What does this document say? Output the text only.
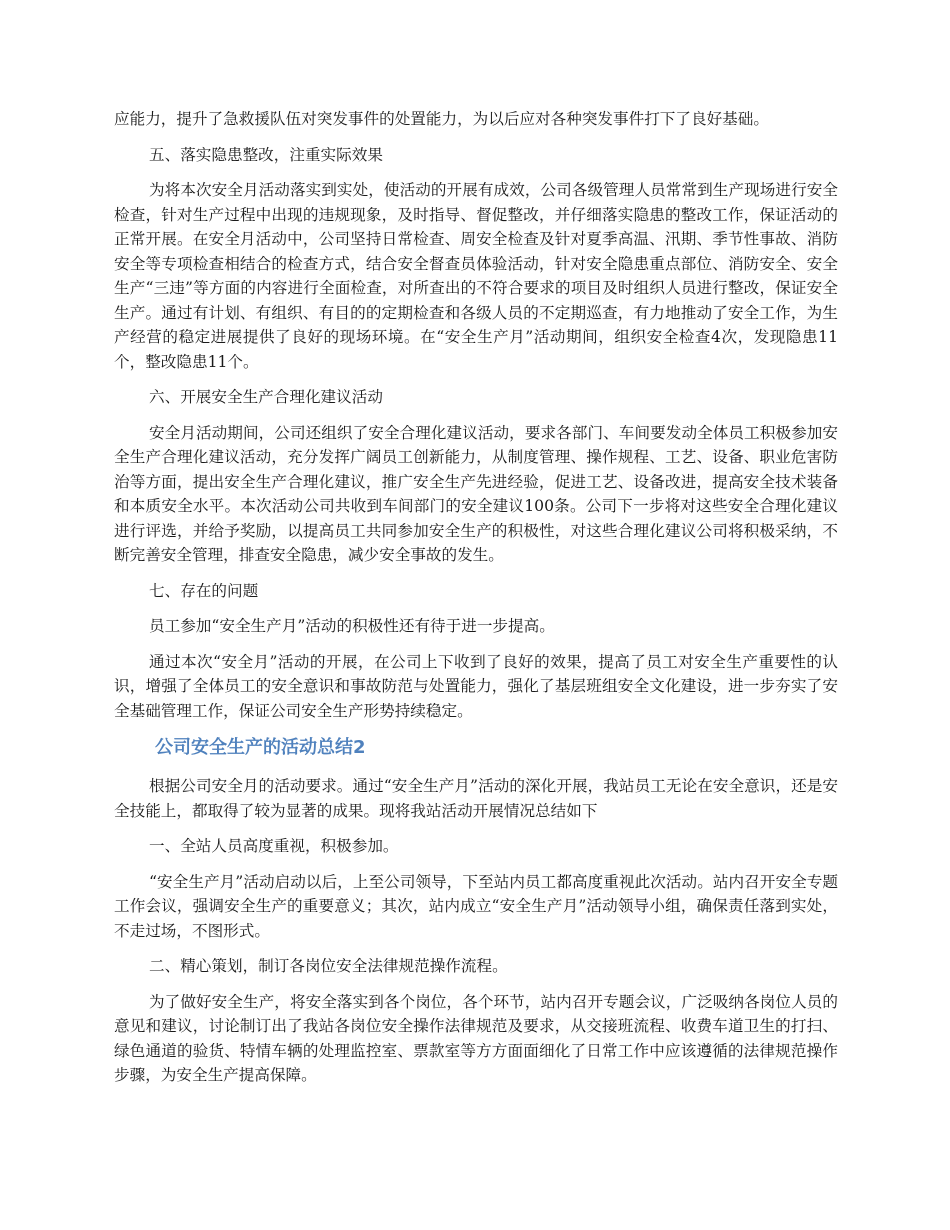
应能力，提升了急救援队伍对突发事件的处置能力，为以后应对各种突发事件打下了良好基础。

五、落实隐患整改，注重实际效果

为将本次安全月活动落实到实处，使活动的开展有成效，公司各级管理人员常常到生产现场进行安全检查，针对生产过程中出现的违规现象，及时指导、督促整改，并仔细落实隐患的整改工作，保证活动的正常开展。在安全月活动中，公司坚持日常检查、周安全检查及针对夏季高温、汛期、季节性事故、消防安全等专项检查相结合的检查方式，结合安全督查员体验活动，针对安全隐患重点部位、消防安全、安全生产“三违”等方面的内容进行全面检查，对所查出的不符合要求的项目及时组织人员进行整改，保证安全生产。通过有计划、有组织、有目的的定期检查和各级人员的不定期巡查，有力地推动了安全工作，为生产经营的稳定进展提供了良好的现场环境。在“安全生产月”活动期间，组织安全检查4次，发现隐患11个，整改隐患11个。

六、开展安全生产合理化建议活动

安全月活动期间，公司还组织了安全合理化建议活动，要求各部门、车间要发动全体员工积极参加安全生产合理化建议活动，充分发挥广阔员工创新能力，从制度管理、操作规程、工艺、设备、职业危害防治等方面，提出安全生产合理化建议，推广安全生产先进经验，促进工艺、设备改进，提高安全技术装备和本质安全水平。本次活动公司共收到车间部门的安全建议100条。公司下一步将对这些安全合理化建议进行评选，并给予奖励，以提高员工共同参加安全生产的积极性，对这些合理化建议公司将积极采纳，不断完善安全管理，排查安全隐患，减少安全事故的发生。

七、存在的问题

员工参加“安全生产月”活动的积极性还有待于进一步提高。

通过本次“安全月”活动的开展，在公司上下收到了良好的效果，提高了员工对安全生产重要性的认识，增强了全体员工的安全意识和事故防范与处置能力，强化了基层班组安全文化建设，进一步夯实了安全基础管理工作，保证公司安全生产形势持续稳定。

公司安全生产的活动总结2

根据公司安全月的活动要求。通过“安全生产月”活动的深化开展，我站员工无论在安全意识，还是安全技能上，都取得了较为显著的成果。现将我站活动开展情况总结如下

一、全站人员高度重视，积极参加。

“安全生产月”活动启动以后，上至公司领导，下至站内员工都高度重视此次活动。站内召开安全专题工作会议，强调安全生产的重要意义；其次，站内成立“安全生产月”活动领导小组，确保责任落到实处，不走过场，不图形式。

二、精心策划，制订各岗位安全法律规范操作流程。

为了做好安全生产，将安全落实到各个岗位，各个环节，站内召开专题会议，广泛吸纳各岗位人员的意见和建议，讨论制订出了我站各岗位安全操作法律规范及要求，从交接班流程、收费车道卫生的打扫、绿色通道的验货、特情车辆的处理监控室、票款室等方方面面细化了日常工作中应该遵循的法律规范操作步骤，为安全生产提高保障。
